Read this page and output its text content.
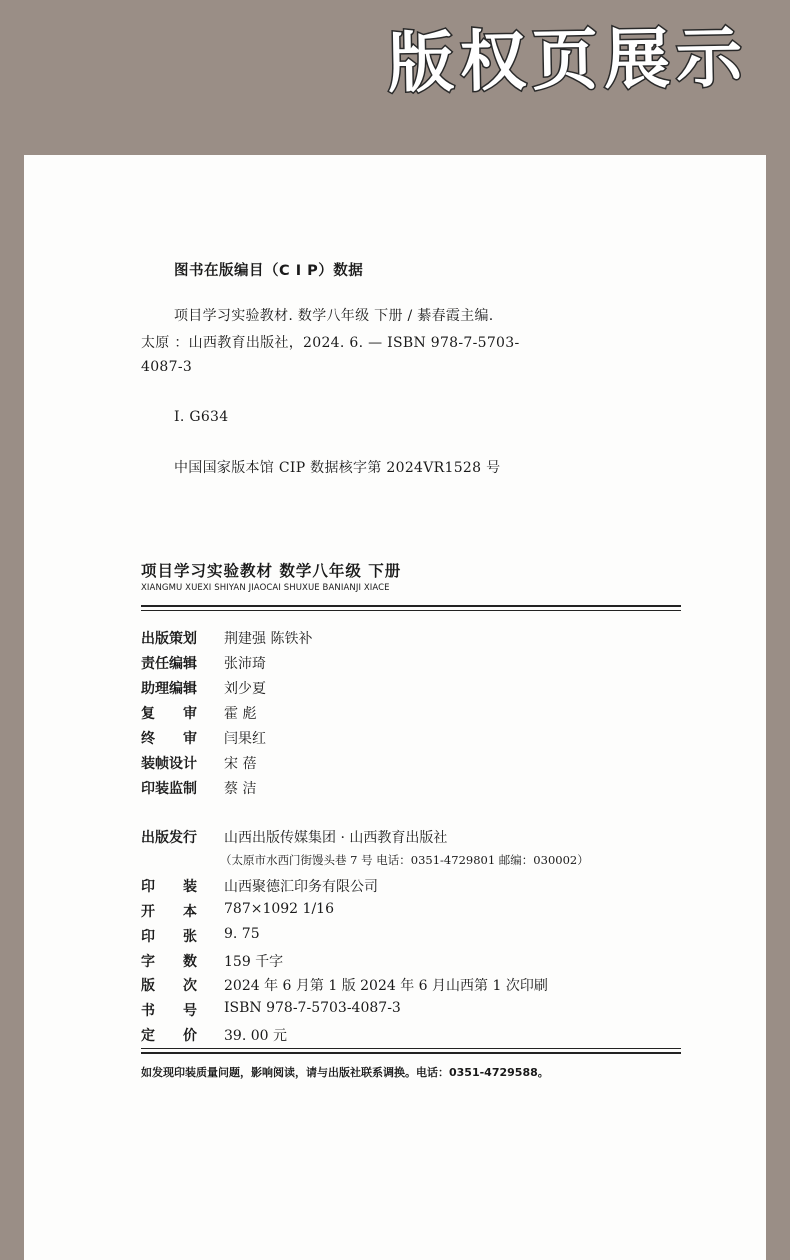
版权页展示
图书在版编目（C I P）数据
项目学习实验教材. 数学八年级 下册 / 綦春霞主编.
太原 ：山西教育出版社，2024. 6. — ISBN 978-7-5703-
4087-3
Ⅰ. G634
中国国家版本馆 CIP 数据核字第 2024VR1528 号
项目学习实验教材 数学八年级 下册
XIANGMU XUEXI SHIYAN JIAOCAI SHUXUE BANIANJI XIACE
出版策划 荆建强 陈铁补
责任编辑 张沛琦
助理编辑 刘少夏
复　　审 霍 彪
终　　审 闫果红
装帧设计 宋 蓓
印装监制 蔡 洁
出版发行 山西出版传媒集团 · 山西教育出版社
（太原市水西门街馒头巷 7 号 电话：0351-4729801 邮编：030002）
印　　装 山西聚德汇印务有限公司
开　　本 787×1092 1/16
印　　张 9. 75
字　　数 159 千字
版　　次 2024 年 6 月第 1 版 2024 年 6 月山西第 1 次印刷
书　　号 ISBN 978-7-5703-4087-3
定　　价 39. 00 元
如发现印装质量问题，影响阅读，请与出版社联系调换。电话：0351-4729588。
